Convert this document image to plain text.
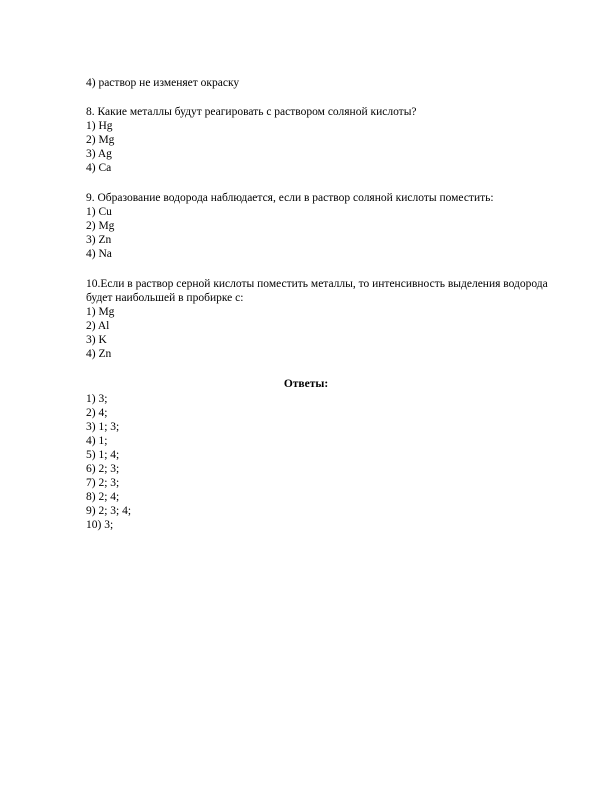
4) раствор не изменяет окраску
8. Какие металлы будут реагировать с раствором соляной кислоты?
1) Hg
2) Mg
3) Ag
4) Ca
9. Образование водорода наблюдается, если в раствор соляной кислоты поместить:
1) Cu
2) Mg
3) Zn
4) Na
10.Если в раствор серной кислоты поместить металлы, то интенсивность выделения водорода
будет наибольшей в пробирке с:
1) Mg
2) Al
3) K
4) Zn
Ответы:
1) 3;
2) 4;
3) 1; 3;
4) 1;
5) 1; 4;
6) 2; 3;
7) 2; 3;
8) 2; 4;
9) 2; 3; 4;
10) 3;
